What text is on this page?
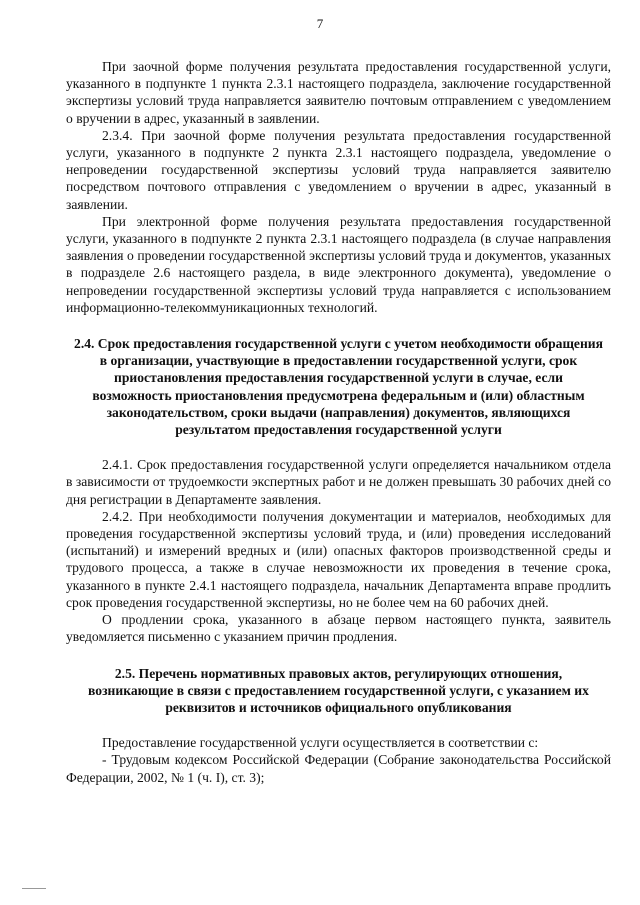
7

При заочной форме получения результата предоставления государственной услуги, указанного в подпункте 1 пункта 2.3.1 настоящего подраздела, заключение государственной экспертизы условий труда направляется заявителю почтовым отправлением с уведомлением о вручении в адрес, указанный в заявлении.

2.3.4. При заочной форме получения результата предоставления государственной услуги, указанного в подпункте 2 пункта 2.3.1 настоящего подраздела, уведомление о непроведении государственной экспертизы условий труда направляется заявителю посредством почтового отправления с уведомлением о вручении в адрес, указанный в заявлении.

При электронной форме получения результата предоставления государственной услуги, указанного в подпункте 2 пункта 2.3.1 настоящего подраздела (в случае направления заявления о проведении государственной экспертизы условий труда и документов, указанных в подразделе 2.6 настоящего раздела, в виде электронного документа), уведомление о непроведении государственной экспертизы условий труда направляется с использованием информационно-телекоммуникационных технологий.

2.4. Срок предоставления государственной услуги с учетом необходимости обращения в организации, участвующие в предоставлении государственной услуги, срок приостановления предоставления государственной услуги в случае, если возможность приостановления предусмотрена федеральным и (или) областным законодательством, сроки выдачи (направления) документов, являющихся результатом предоставления государственной услуги

2.4.1. Срок предоставления государственной услуги определяется начальником отдела в зависимости от трудоемкости экспертных работ и не должен превышать 30 рабочих дней со дня регистрации в Департаменте заявления.

2.4.2. При необходимости получения документации и материалов, необходимых для проведения государственной экспертизы условий труда, и (или) проведения исследований (испытаний) и измерений вредных и (или) опасных факторов производственной среды и трудового процесса, а также в случае невозможности их проведения в течение срока, указанного в пункте 2.4.1 настоящего подраздела, начальник Департамента вправе продлить срок проведения государственной экспертизы, но не более чем на 60 рабочих дней.

О продлении срока, указанного в абзаце первом настоящего пункта, заявитель уведомляется письменно с указанием причин продления.

2.5. Перечень нормативных правовых актов, регулирующих отношения, возникающие в связи с предоставлением государственной услуги, с указанием их реквизитов и источников официального опубликования

Предоставление государственной услуги осуществляется в соответствии с:

- Трудовым кодексом Российской Федерации (Собрание законодательства Российской Федерации, 2002, № 1 (ч. I), ст. 3);
